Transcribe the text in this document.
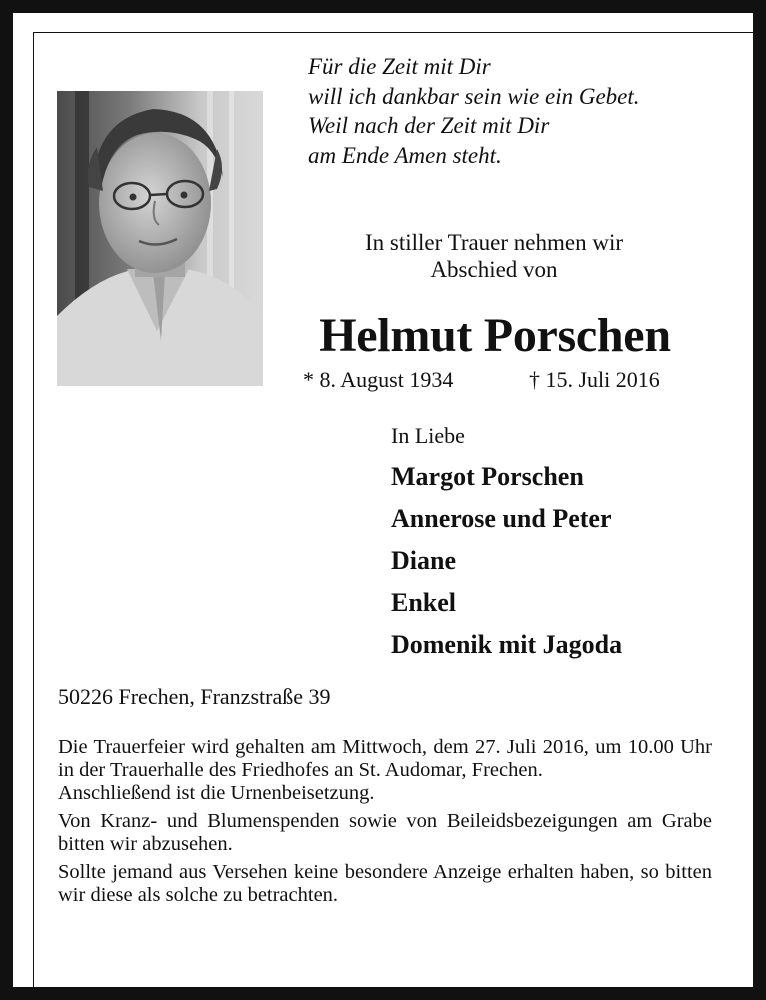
Für die Zeit mit Dir
will ich dankbar sein wie ein Gebet.
Weil nach der Zeit mit Dir
am Ende Amen steht.
In stiller Trauer nehmen wir
Abschied von
Helmut Porschen
* 8. August 1934	† 15. Juli 2016
In Liebe
Margot Porschen
Annerose und Peter
Diane
Enkel
Domenik mit Jagoda
50226 Frechen, Franzstraße 39

Die Trauerfeier wird gehalten am Mittwoch, dem 27. Juli 2016, um 10.00 Uhr in der Trauerhalle des Friedhofes an St. Audomar, Frechen.

Anschließend ist die Urnenbeisetzung.

Von Kranz- und Blumenspenden sowie von Beileidsbezeigungen am Grabe bitten wir abzusehen.

Sollte jemand aus Versehen keine besondere Anzeige erhalten haben, so bitten wir diese als solche zu betrachten.
